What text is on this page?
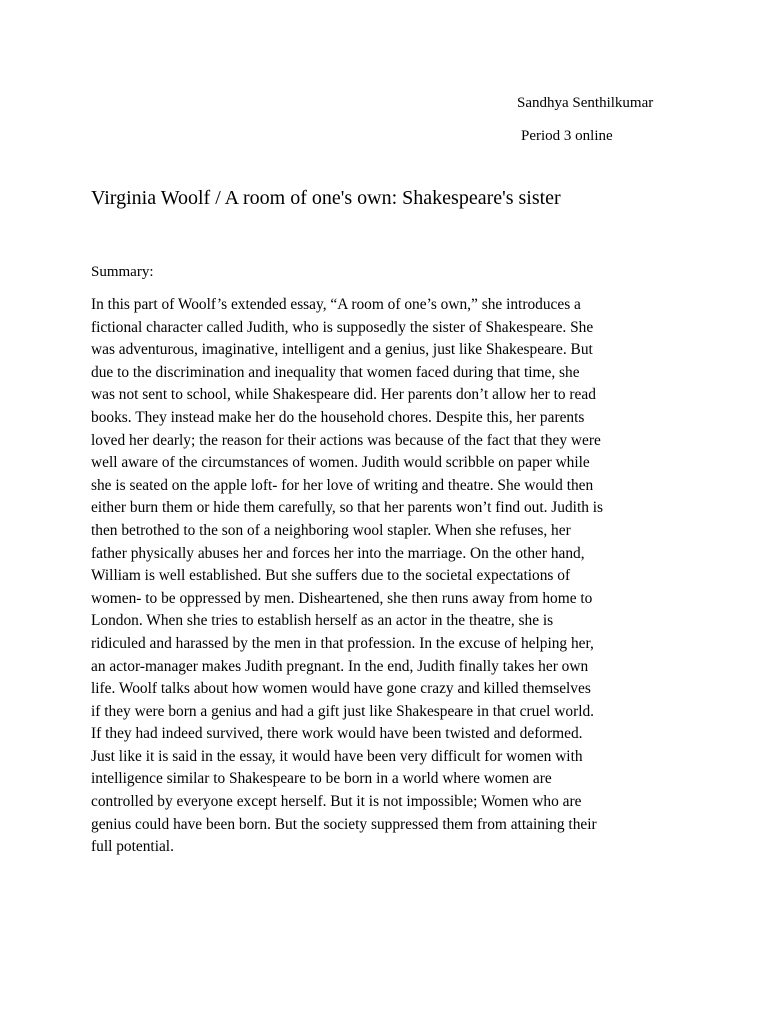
Sandhya Senthilkumar
Period 3 online
Virginia Woolf / A room of one's own: Shakespeare's sister
Summary:
In this part of Woolf’s extended essay, “A room of one’s own,” she introduces a
fictional character called Judith, who is supposedly the sister of Shakespeare. She
was adventurous, imaginative, intelligent and a genius, just like Shakespeare. But
due to the discrimination and inequality that women faced during that time, she
was not sent to school, while Shakespeare did. Her parents don’t allow her to read
books. They instead make her do the household chores. Despite this, her parents
loved her dearly; the reason for their actions was because of the fact that they were
well aware of the circumstances of women. Judith would scribble on paper while
she is seated on the apple loft- for her love of writing and theatre. She would then
either burn them or hide them carefully, so that her parents won’t find out. Judith is
then betrothed to the son of a neighboring wool stapler. When she refuses, her
father physically abuses her and forces her into the marriage. On the other hand,
William is well established. But she suffers due to the societal expectations of
women- to be oppressed by men. Disheartened, she then runs away from home to
London. When she tries to establish herself as an actor in the theatre, she is
ridiculed and harassed by the men in that profession. In the excuse of helping her,
an actor-manager makes Judith pregnant. In the end, Judith finally takes her own
life. Woolf talks about how women would have gone crazy and killed themselves
if they were born a genius and had a gift just like Shakespeare in that cruel world.
If they had indeed survived, there work would have been twisted and deformed.
Just like it is said in the essay, it would have been very difficult for women with
intelligence similar to Shakespeare to be born in a world where women are
controlled by everyone except herself. But it is not impossible; Women who are
genius could have been born. But the society suppressed them from attaining their
full potential.
